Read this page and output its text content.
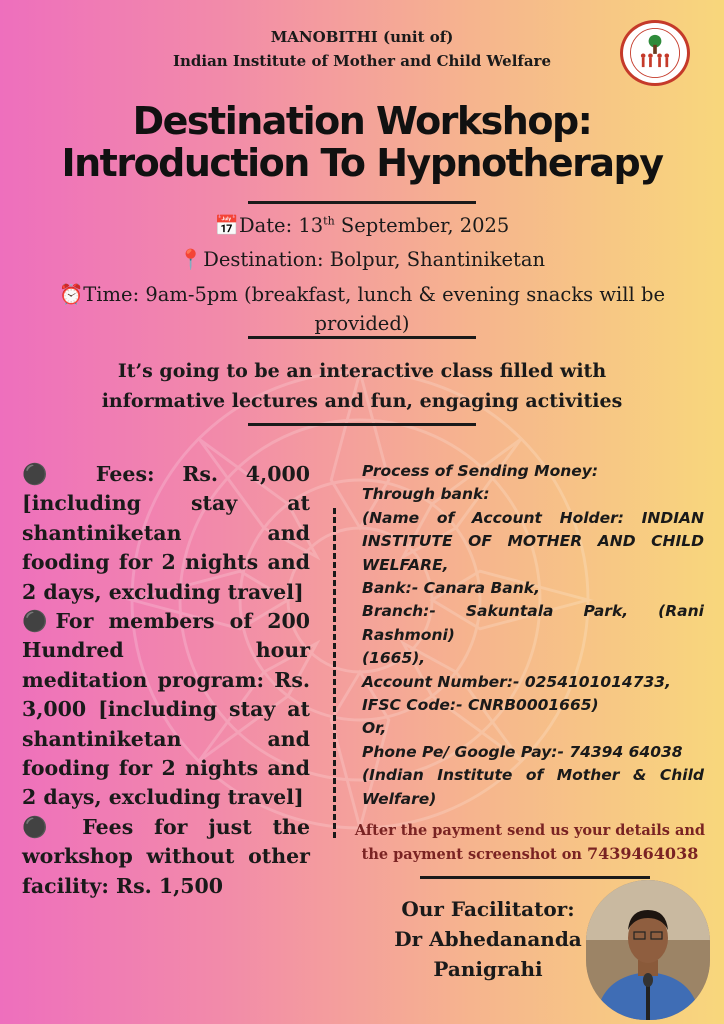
MANOBITHI (unit of)
Indian Institute of Mother and Child Welfare
Destination Workshop:
Introduction To Hypnotherapy
📅Date: 13th September, 2025
📍Destination: Bolpur, Shantiniketan
⏰Time: 9am-5pm (breakfast, lunch & evening snacks will be
provided)
It’s going to be an interactive class filled with
informative lectures and fun, engaging activities

⚫ Fees: Rs. 4,000 [including stay at shantiniketan and fooding for 2 nights and 2 days, excluding travel]

⚫For members of 200 Hundred hour meditation program: Rs. 3,000 [including stay at shantiniketan and fooding for 2 nights and 2 days, excluding travel]

⚫ Fees for just the workshop without other facility: Rs. 1,500

Process of Sending Money:

Through bank:

(Name of Account Holder: INDIAN INSTITUTE OF MOTHER AND CHILD WELFARE,

Bank:- Canara Bank,

Branch:- Sakuntala Park, (Rani Rashmoni)

(1665),

Account Number:- 0254101014733,

IFSC Code:- CNRB0001665)

Or,

Phone Pe/ Google Pay:- 74394 64038

(Indian Institute of Mother & Child Welfare)

After the payment send us your details and
the payment screenshot on 7439464038
Our Facilitator:
Dr Abhedananda
Panigrahi
